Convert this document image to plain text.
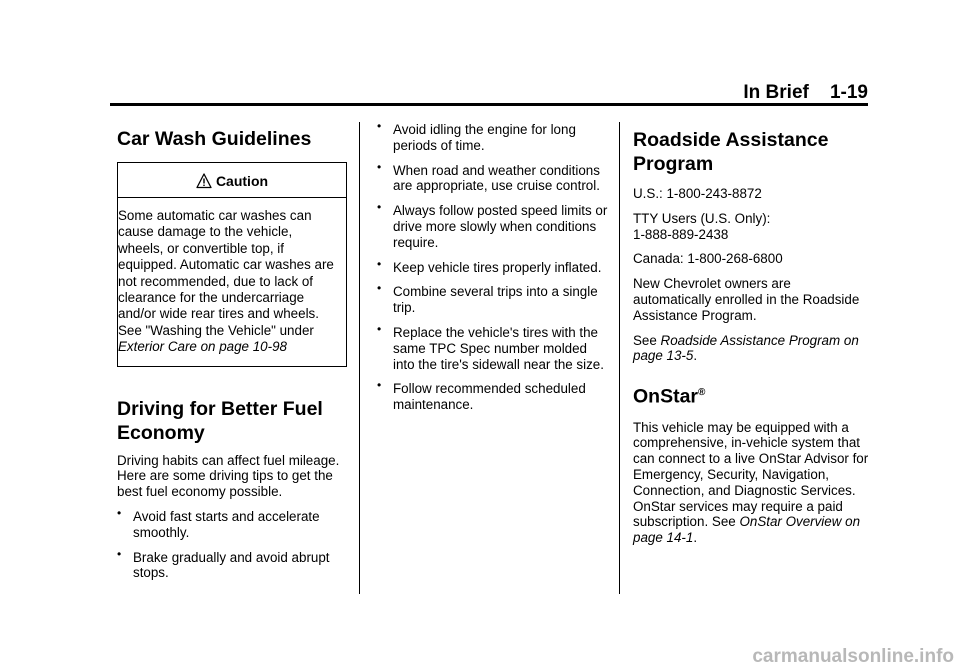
In Brief 1-19
Car Wash Guidelines
Caution

Some automatic car washes can cause damage to the vehicle, wheels, or convertible top, if equipped. Automatic car washes are not recommended, due to lack of clearance for the undercarriage and/or wide rear tires and wheels. See "Washing the Vehicle" under Exterior Care on page 10-98

Driving for Better Fuel
Economy

Driving habits can affect fuel mileage. Here are some driving tips to get the best fuel economy possible.

• Avoid fast starts and accelerate smoothly.
• Brake gradually and avoid abrupt stops.
• Avoid idling the engine for long periods of time.
• When road and weather conditions are appropriate, use cruise control.
• Always follow posted speed limits or drive more slowly when conditions require.
• Keep vehicle tires properly inflated.
• Combine several trips into a single trip.
• Replace the vehicle's tires with the same TPC Spec number molded into the tire's sidewall near the size.
• Follow recommended scheduled maintenance.
Roadside Assistance
Program

U.S.: 1-800-243-8872

TTY Users (U.S. Only):
1-888-889-2438

Canada: 1-800-268-6800

New Chevrolet owners are automatically enrolled in the Roadside Assistance Program.

See Roadside Assistance Program on page 13-5.

OnStar®

This vehicle may be equipped with a comprehensive, in-vehicle system that can connect to a live OnStar Advisor for Emergency, Security, Navigation, Connection, and Diagnostic Services. OnStar services may require a paid subscription. See OnStar Overview on page 14-1.

carmanualsonline.info
